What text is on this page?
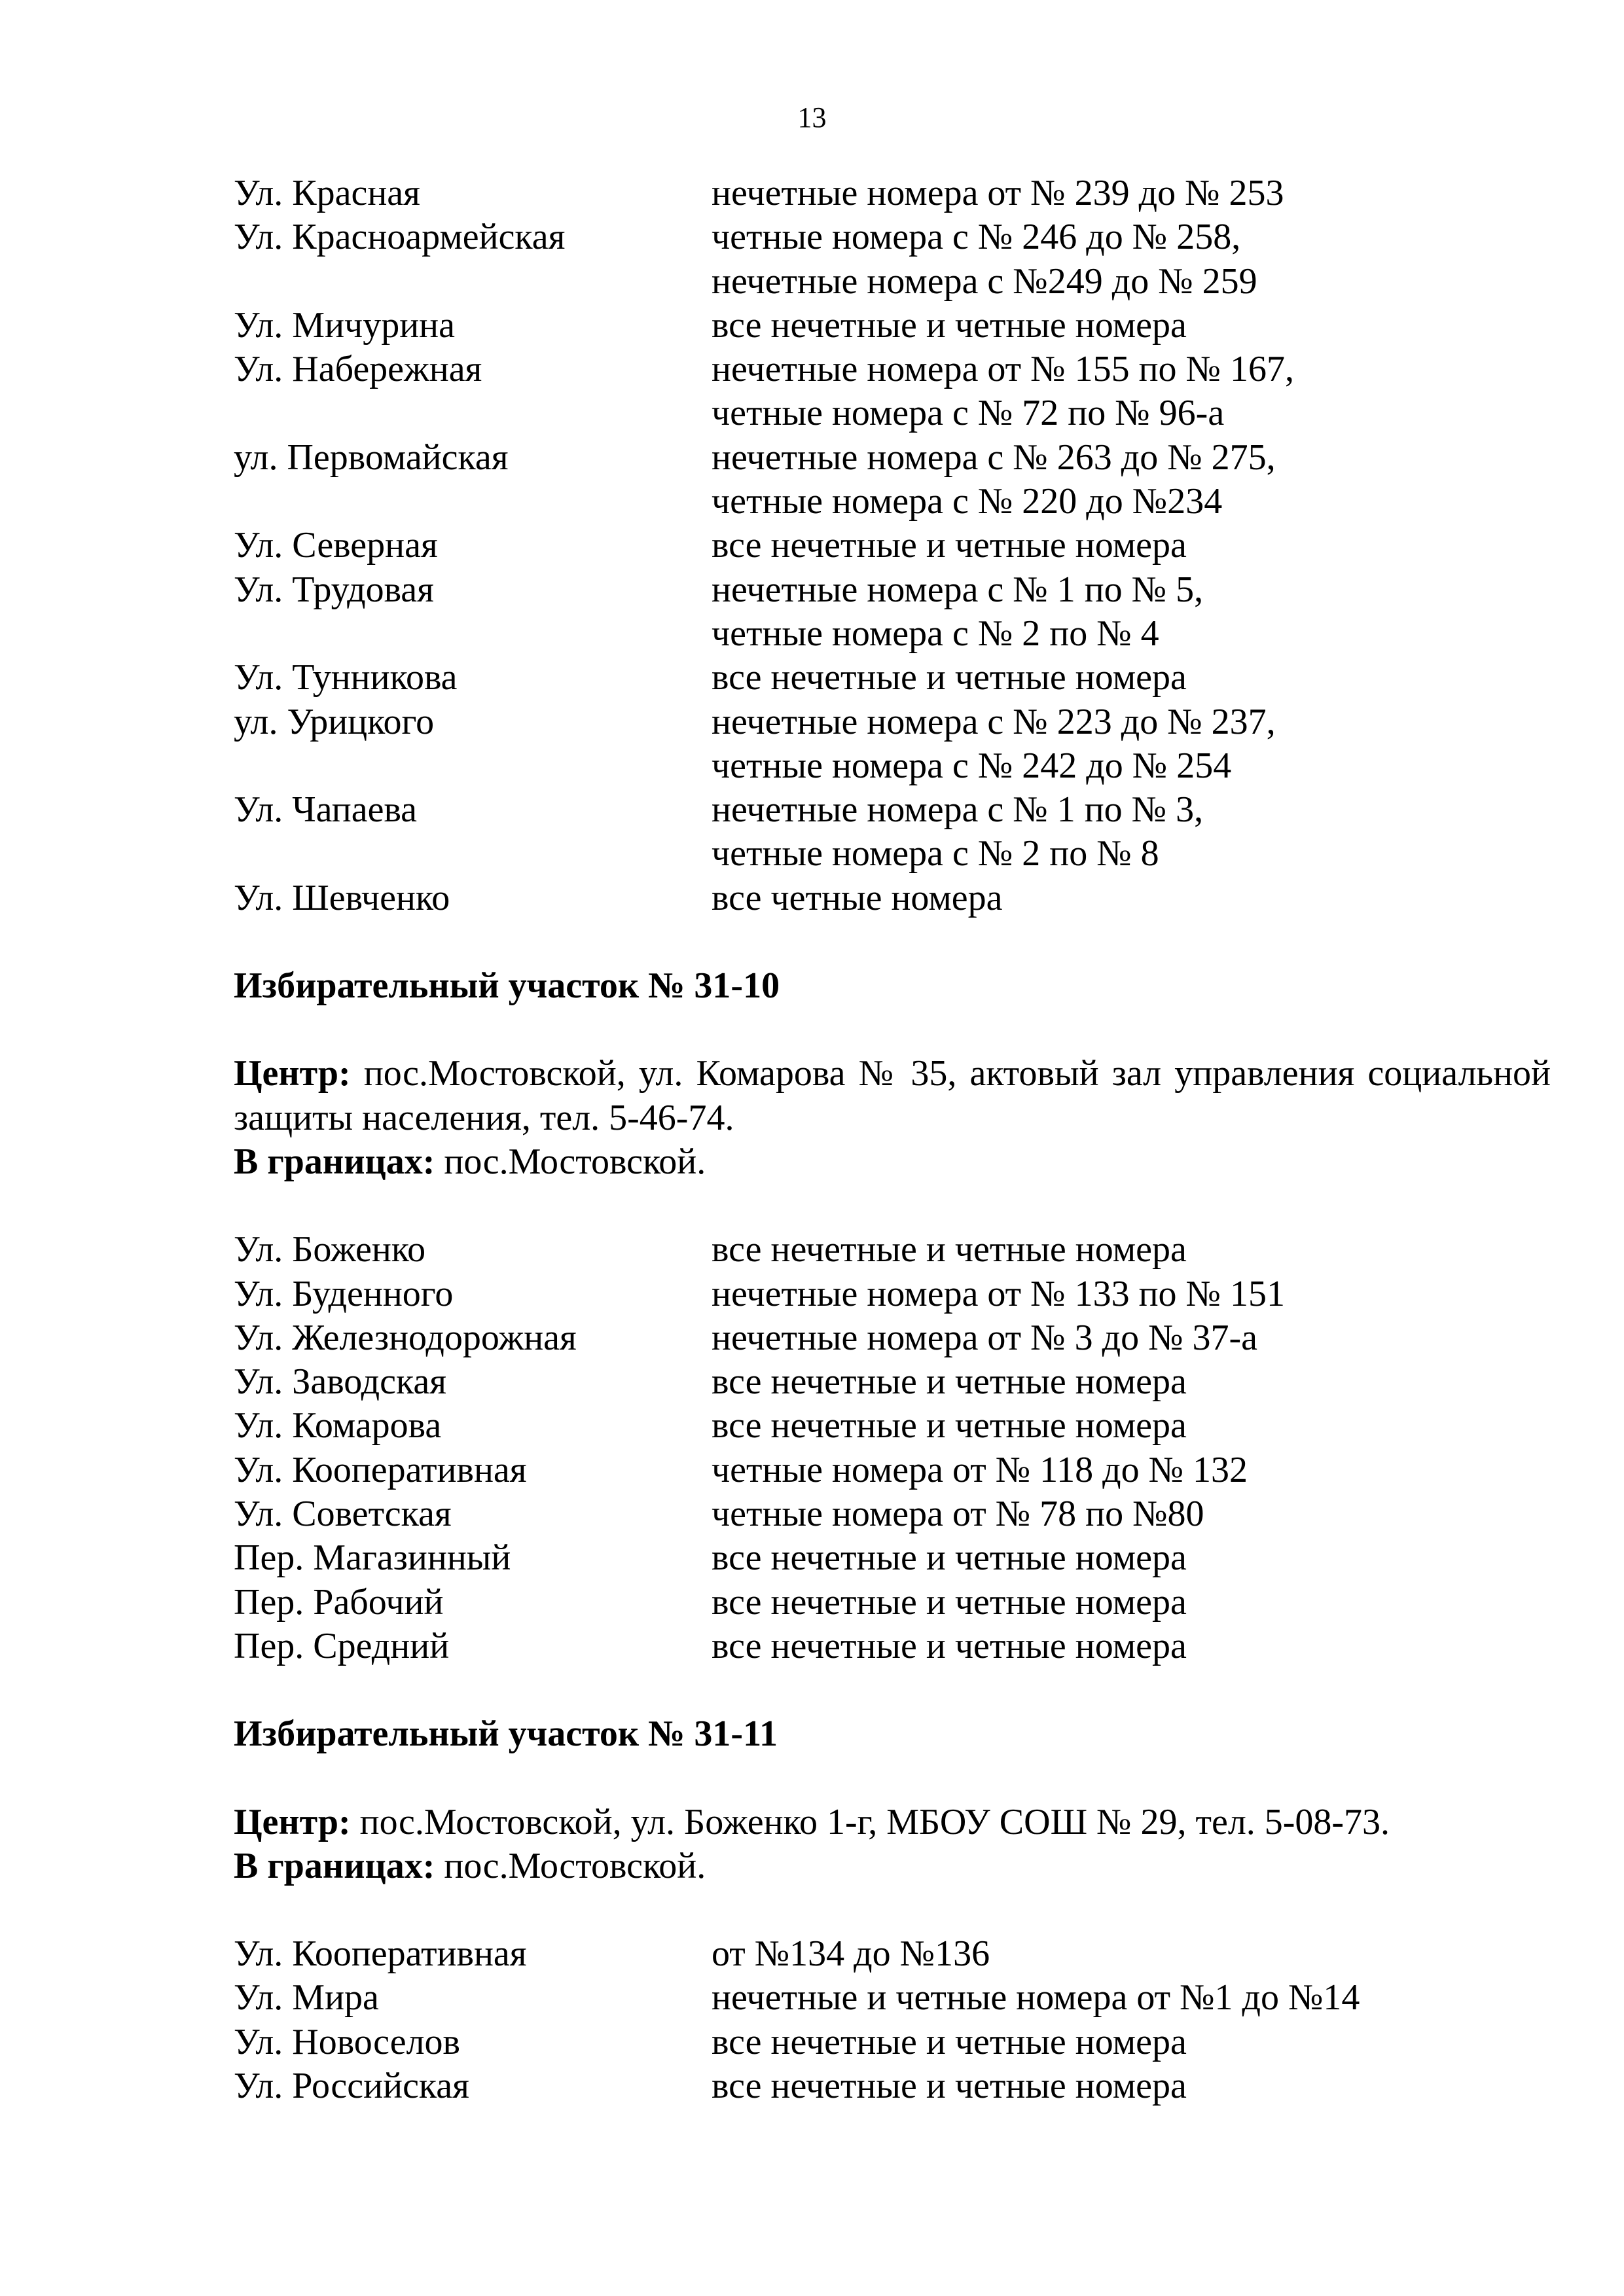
13
Ул. Красная	нечетные номера от № 239 до № 253
Ул. Красноармейская	четные номера с № 246 до № 258,
нечетные номера с №249 до № 259
Ул. Мичурина	все нечетные и четные номера
Ул. Набережная	нечетные номера от № 155 по № 167,
четные номера с № 72 по № 96-а
ул. Первомайская	нечетные номера с № 263 до № 275,
четные номера с № 220 до №234
Ул. Северная	все нечетные и четные номера
Ул. Трудовая	нечетные номера с № 1 по № 5,
четные номера с № 2 по № 4
Ул. Тунникова	все нечетные и четные номера
ул. Урицкого	нечетные номера с № 223 до № 237,
четные номера с № 242 до № 254
Ул. Чапаева	нечетные номера с № 1 по № 3,
четные номера с № 2 по № 8
Ул. Шевченко	все четные номера
Избирательный участок № 31-10
Центр: пос.Мостовской, ул. Комарова № 35, актовый зал управления социальной защиты населения, тел. 5-46-74.
В границах: пос.Мостовской.
Ул. Боженко	все нечетные и четные номера
Ул. Буденного	нечетные номера от № 133 по № 151
Ул. Железнодорожная	нечетные номера от № 3 до № 37-а
Ул. Заводская	все нечетные и четные номера
Ул. Комарова	все нечетные и четные номера
Ул. Кооперативная	четные номера от № 118 до № 132
Ул. Советская	четные номера от № 78 по №80
Пер. Магазинный	все нечетные и четные номера
Пер. Рабочий	все нечетные и четные номера
Пер. Средний	все нечетные и четные номера
Избирательный участок № 31-11
Центр: пос.Мостовской, ул. Боженко 1-г, МБОУ СОШ № 29, тел. 5-08-73.
В границах: пос.Мостовской.
Ул. Кооперативная	от №134 до №136
Ул. Мира	нечетные и четные номера от №1 до №14
Ул. Новоселов	все нечетные и четные номера
Ул. Российская	все нечетные и четные номера
